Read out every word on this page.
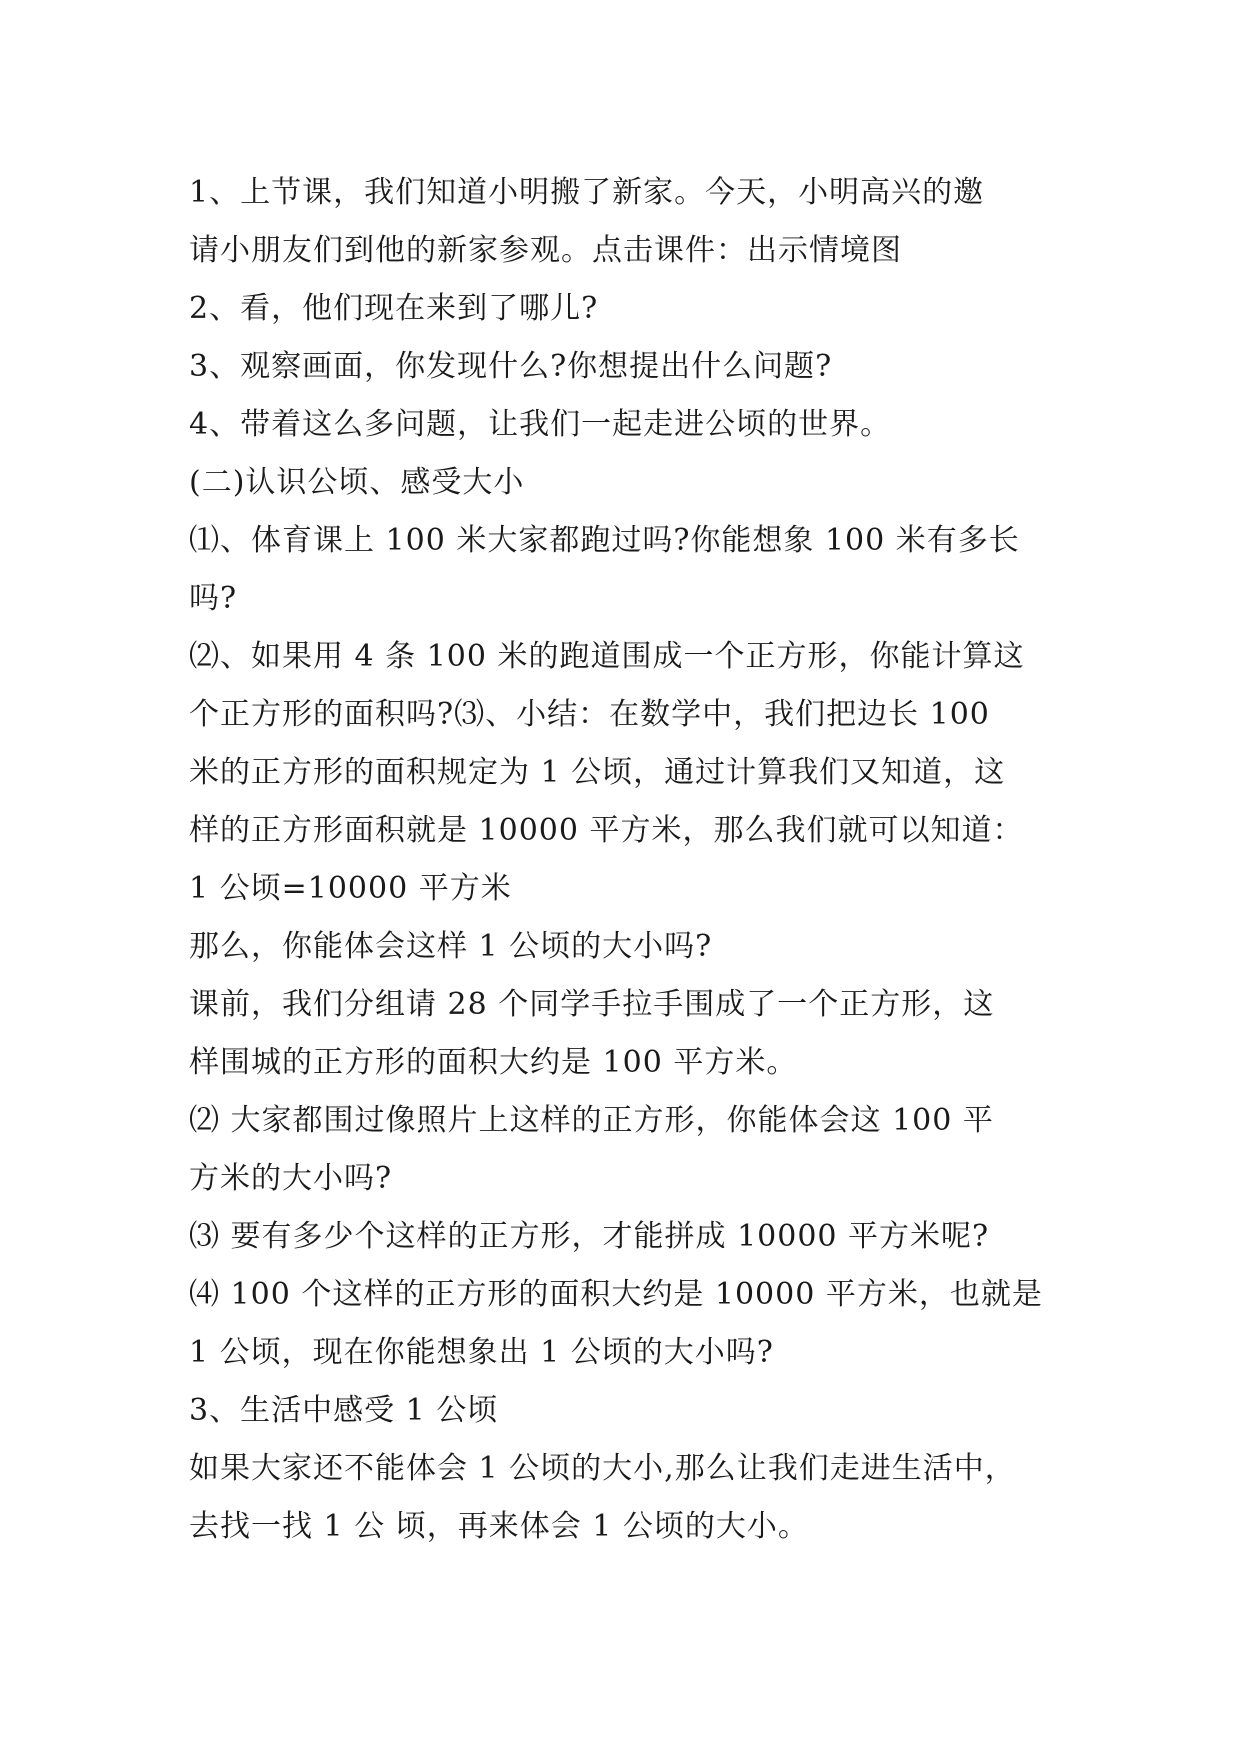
1、上节课，我们知道小明搬了新家。今天，小明高兴的邀
请小朋友们到他的新家参观。点击课件：出示情境图
2、看，他们现在来到了哪儿?
3、观察画面，你发现什么?你想提出什么问题?
4、带着这么多问题，让我们一起走进公顷的世界。
(二)认识公顷、感受大小
⑴、体育课上 100 米大家都跑过吗?你能想象 100 米有多长
吗?
⑵、如果用 4 条 100 米的跑道围成一个正方形，你能计算这
个正方形的面积吗?⑶、小结：在数学中，我们把边长 100
米的正方形的面积规定为 1 公顷，通过计算我们又知道，这
样的正方形面积就是 10000 平方米，那么我们就可以知道：
1 公顷=10000 平方米
那么，你能体会这样 1 公顷的大小吗?
课前，我们分组请 28 个同学手拉手围成了一个正方形，这
样围城的正方形的面积大约是 100 平方米。
⑵ 大家都围过像照片上这样的正方形，你能体会这 100 平
方米的大小吗?
⑶ 要有多少个这样的正方形，才能拼成 10000 平方米呢?
⑷ 100 个这样的正方形的面积大约是 10000 平方米，也就是
1 公顷，现在你能想象出 1 公顷的大小吗?
3、生活中感受 1 公顷
如果大家还不能体会 1 公顷的大小,那么让我们走进生活中，
去找一找 1 公 顷，再来体会 1 公顷的大小。
